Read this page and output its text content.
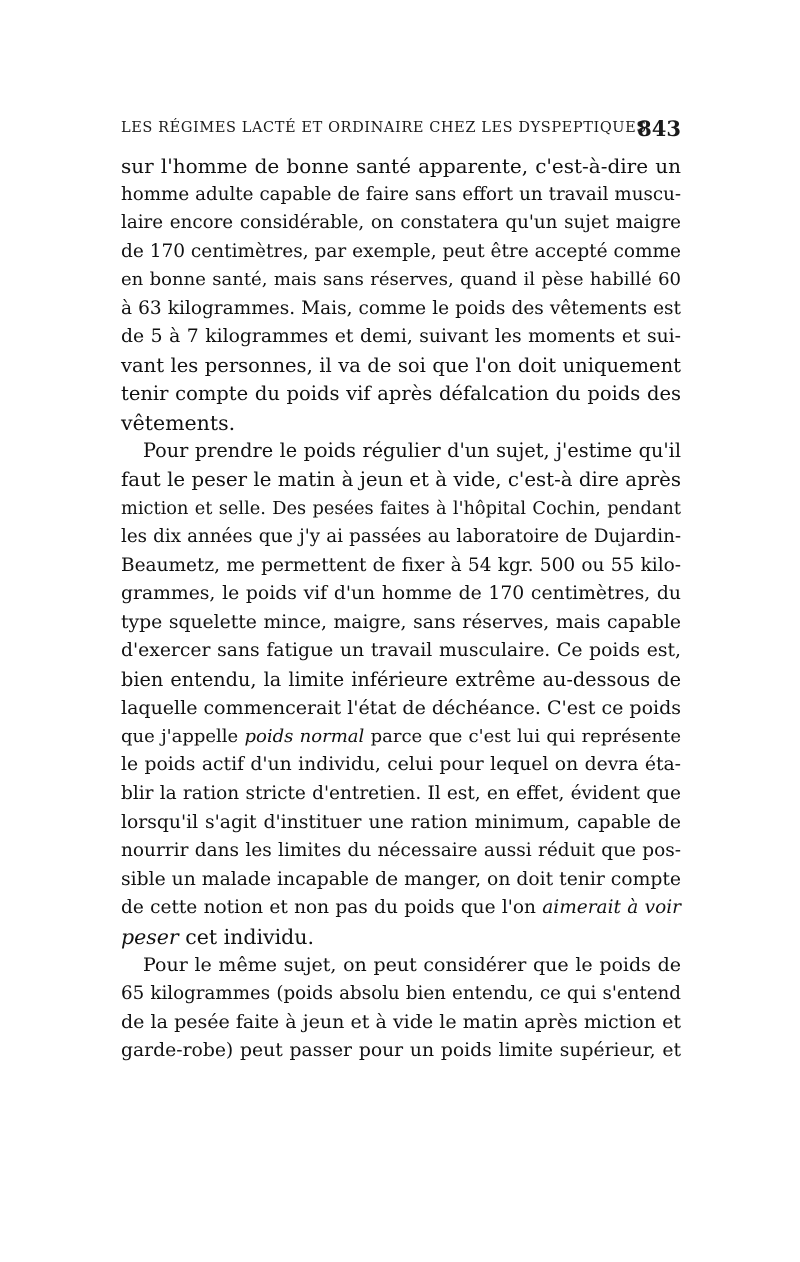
LES RÉGIMES LACTÉ ET ORDINAIRE CHEZ LES DYSPEPTIQUES
843
sur l'homme de bonne santé apparente, c'est-à-dire un
homme adulte capable de faire sans effort un travail muscu-
laire encore considérable, on constatera qu'un sujet maigre
de 170 centimètres, par exemple, peut être accepté comme
en bonne santé, mais sans réserves, quand il pèse habillé 60
à 63 kilogrammes. Mais, comme le poids des vêtements est
de 5 à 7 kilogrammes et demi, suivant les moments et sui-
vant les personnes, il va de soi que l'on doit uniquement
tenir compte du poids vif après défalcation du poids des
vêtements.
Pour prendre le poids régulier d'un sujet, j'estime qu'il
faut le peser le matin à jeun et à vide, c'est-à dire après
miction et selle. Des pesées faites à l'hôpital Cochin, pendant
les dix années que j'y ai passées au laboratoire de Dujardin-
Beaumetz, me permettent de fixer à 54 kgr. 500 ou 55 kilo-
grammes, le poids vif d'un homme de 170 centimètres, du
type squelette mince, maigre, sans réserves, mais capable
d'exercer sans fatigue un travail musculaire. Ce poids est,
bien entendu, la limite inférieure extrême au-dessous de
laquelle commencerait l'état de déchéance. C'est ce poids
que j'appelle poids normal parce que c'est lui qui représente
le poids actif d'un individu, celui pour lequel on devra éta-
blir la ration stricte d'entretien. Il est, en effet, évident que
lorsqu'il s'agit d'instituer une ration minimum, capable de
nourrir dans les limites du nécessaire aussi réduit que pos-
sible un malade incapable de manger, on doit tenir compte
de cette notion et non pas du poids que l'on aimerait à voir
peser cet individu.
Pour le même sujet, on peut considérer que le poids de
65 kilogrammes (poids absolu bien entendu, ce qui s'entend
de la pesée faite à jeun et à vide le matin après miction et
garde-robe) peut passer pour un poids limite supérieur, et
